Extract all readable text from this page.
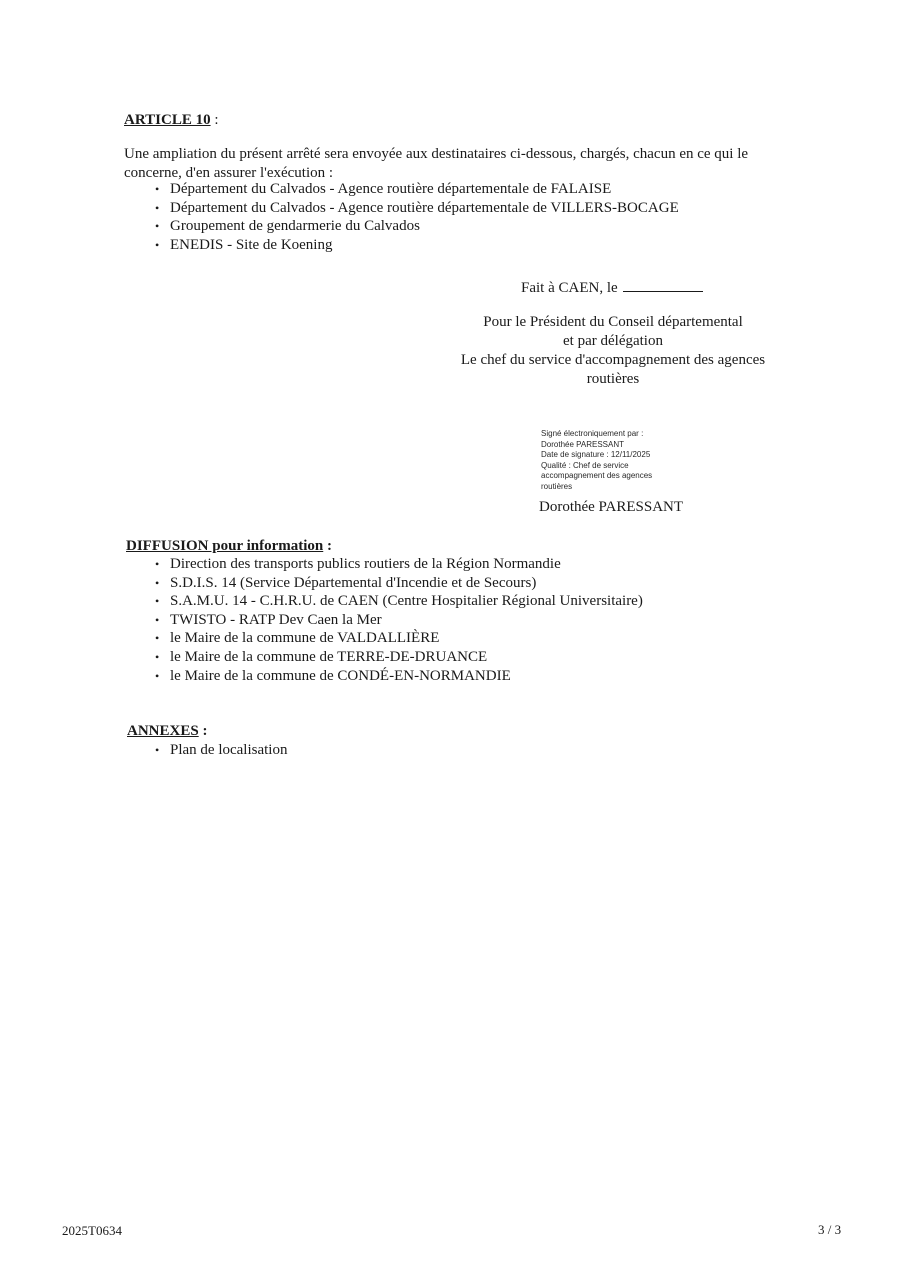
ARTICLE 10 :
Une ampliation du présent arrêté sera envoyée aux destinataires ci-dessous, chargés, chacun en ce qui le
concerne, d'en assurer l'exécution :
• Département du Calvados - Agence routière départementale de FALAISE
• Département du Calvados - Agence routière départementale de VILLERS-BOCAGE
• Groupement de gendarmerie du Calvados
• ENEDIS - Site de Koening
Fait à CAEN, le
Pour le Président du Conseil départemental
et par délégation
Le chef du service d'accompagnement des agences
routières
Signé électroniquement par :
Dorothée PARESSANT
Date de signature : 12/11/2025
Qualité : Chef de service
accompagnement des agences
routières
Dorothée PARESSANT
DIFFUSION pour information :
• Direction des transports publics routiers de la Région Normandie
• S.D.I.S. 14 (Service Départemental d'Incendie et de Secours)
• S.A.M.U. 14 - C.H.R.U. de CAEN (Centre Hospitalier Régional Universitaire)
• TWISTO - RATP Dev Caen la Mer
• le Maire de la commune de VALDALLIÈRE
• le Maire de la commune de TERRE-DE-DRUANCE
• le Maire de la commune de CONDÉ-EN-NORMANDIE
ANNEXES :
• Plan de localisation
2025T0634	3 / 3
